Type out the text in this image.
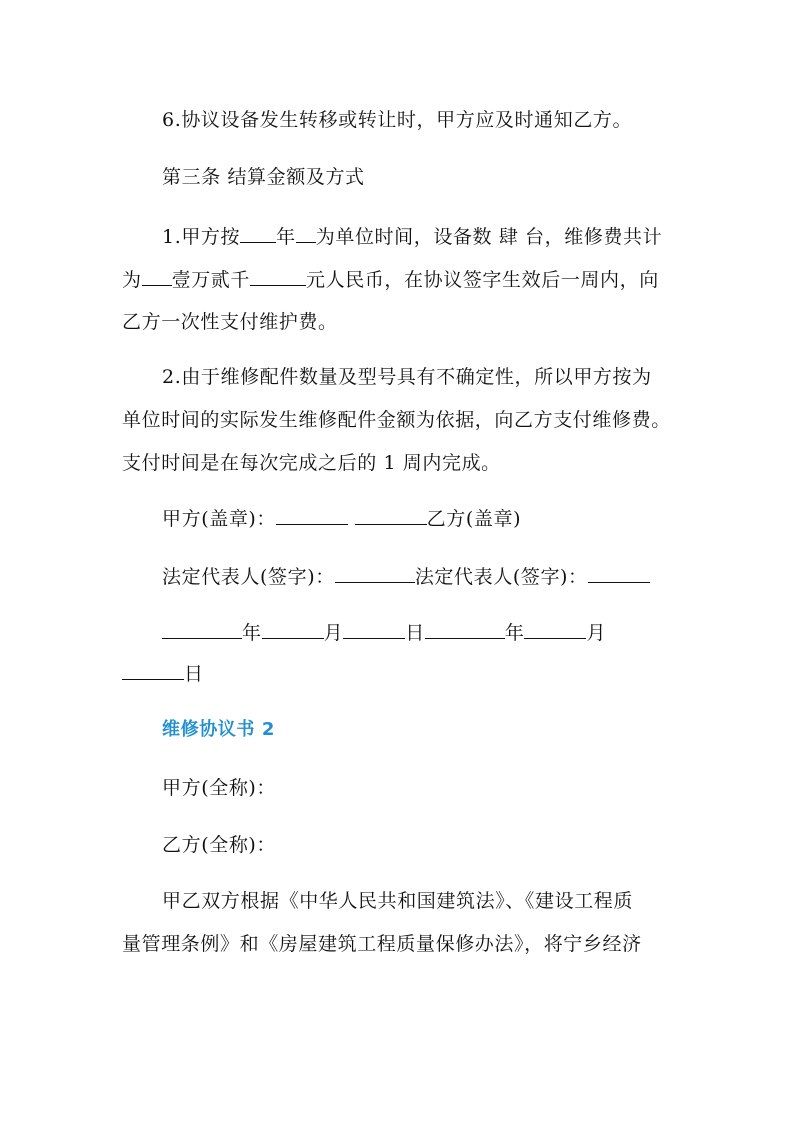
6.协议设备发生转移或转让时，甲方应及时通知乙方。
第三条 结算金额及方式
1.甲方按 年 为单位时间，设备数 肆 台，维修费共计
为 壹万贰千	元人民币，在协议签字生效后一周内，向
乙方一次性支付维护费。
2.由于维修配件数量及型号具有不确定性，所以甲方按为
单位时间的实际发生维修配件金额为依据，向乙方支付维修费。
支付时间是在每次完成之后的 1 周内完成。
甲方(盖章)：	乙方(盖章)
法定代表人(签字)：	法定代表人(签字)：
年	月	日	年	月
日
维修协议书 2
甲方(全称)：
乙方(全称)：
甲乙双方根据《中华人民共和国建筑法》、《建设工程质
量管理条例》和《房屋建筑工程质量保修办法》，将宁乡经济
